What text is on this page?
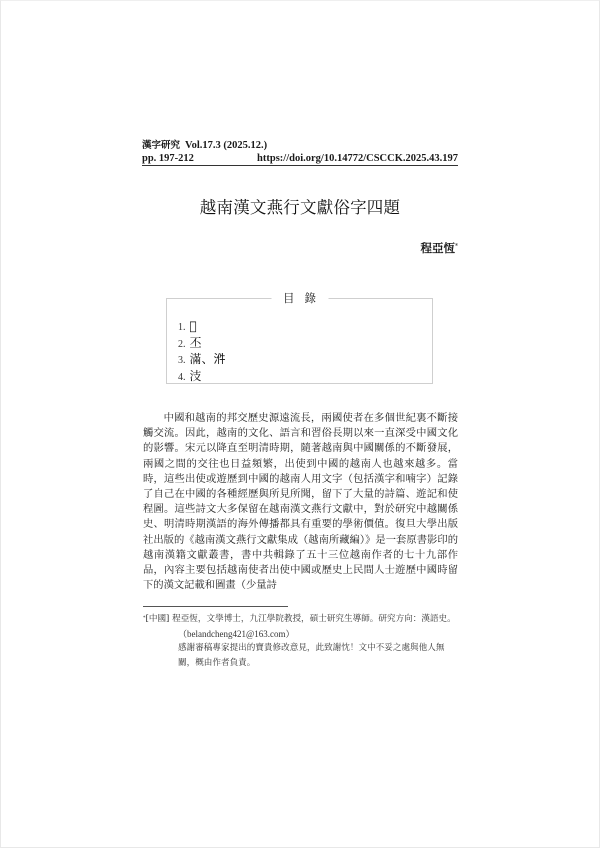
漢字研究 Vol.17.3 (2025.12.)
pp. 197-212	https://doi.org/10.14772/CSCCK.2025.43.197
越南漢文燕行文獻俗字四題
程亞恆*
目錄
1. 𠂭
2. 丕
3. 滿、𣴓
4. 汥

中國和越南的邦交歷史源遠流長，兩國使者在多個世紀裏不斷接觸交流。因此，越南的文化、語言和習俗長期以來一直深受中國文化的影響。宋元以降直至明清時期，隨著越南與中國關係的不斷發展，兩國之間的交往也日益頻繁，出使到中國的越南人也越來越多。當時，這些出使或遊歷到中國的越南人用文字（包括漢字和喃字）記錄了自己在中國的各種經歷與所見所聞，留下了大量的詩篇、遊記和使程圖。這些詩文大多保留在越南漢文燕行文獻中，對於研究中越關係史、明清時期漢語的海外傳播都具有重要的學術價值。復旦大學出版社出版的《越南漢文燕行文獻集成（越南所藏編）》是一套原書影印的越南漢籍文獻叢書，書中共輯錄了五十三位越南作者的七十九部作品，內容主要包括越南使者出使中國或歷史上民間人士遊歷中國時留下的漢文記載和圖畫（少量詩

*[中國] 程亞恆，文學博士，九江學院教授，碩士研究生導師。研究方向：漢語史。
（belandcheng421@163.com）
感謝審稿專家提出的寶貴修改意見，此致謝忱！文中不妥之處與他人無關，概由作者負責。
